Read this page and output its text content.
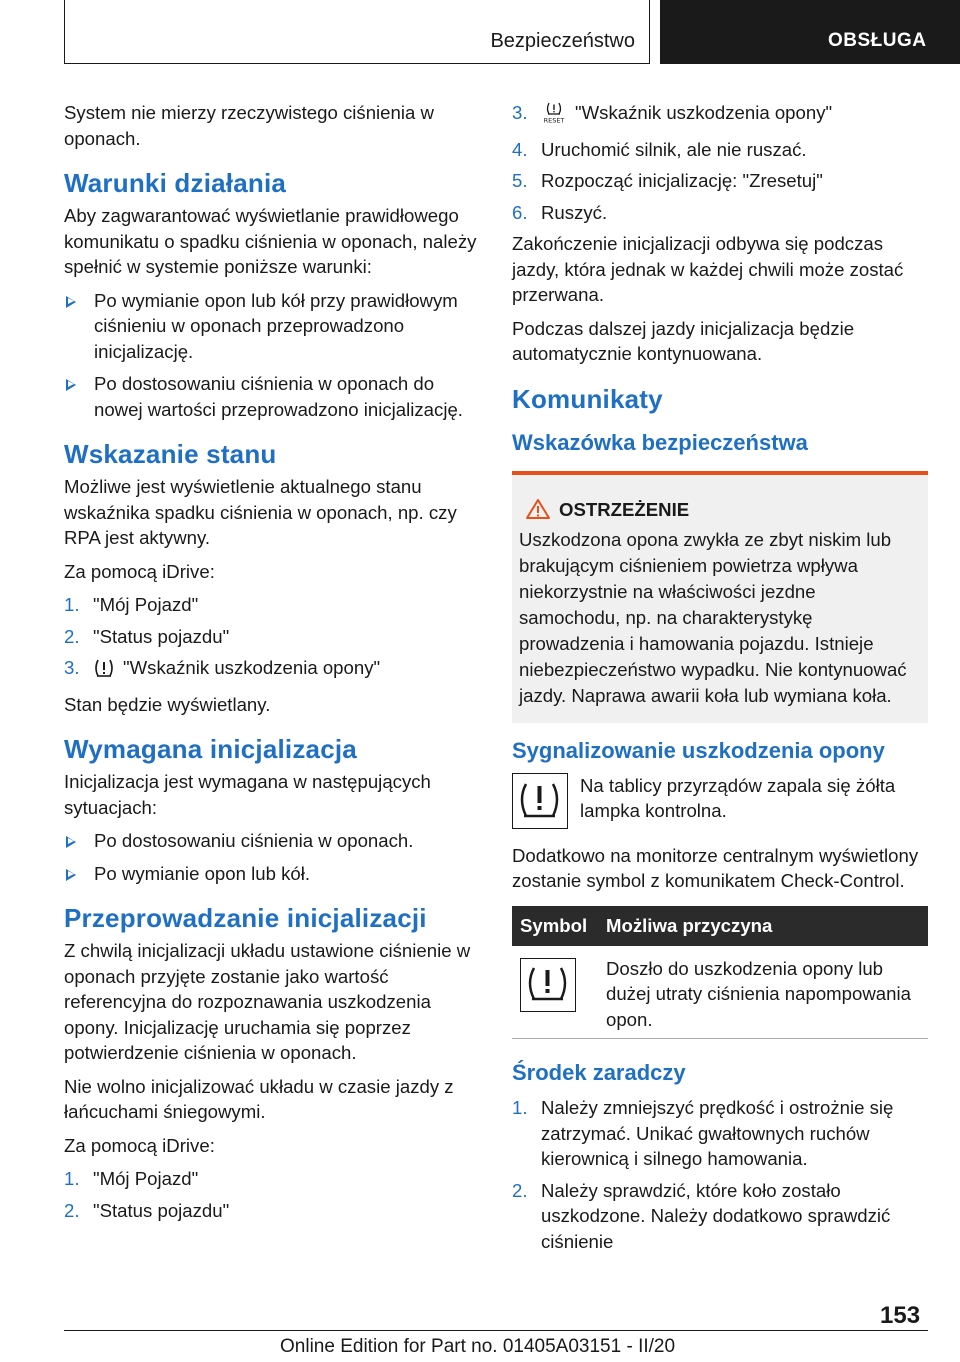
Bezpieczeństwo	OBSŁUGA

System nie mierzy rzeczywistego ciśnienia w oponach.

Warunki działania

Aby zagwarantować wyświetlanie prawidłowego komunikatu o spadku ciśnienia w oponach, należy spełnić w systemie poniższe warunki:

Po wymianie opon lub kół przy prawidłowym ciśnieniu w oponach przeprowadzono inicjalizację.
Po dostosowaniu ciśnienia w oponach do nowej wartości przeprowadzono inicjalizację.
Wskazanie stanu

Możliwe jest wyświetlenie aktualnego stanu wskaźnika spadku ciśnienia w oponach, np. czy RPA jest aktywny.

Za pomocą iDrive:

1. "Mój Pojazd"
2. "Status pojazdu"
3. "Wskaźnik uszkodzenia opony"

Stan będzie wyświetlany.

Wymagana inicjalizacja

Inicjalizacja jest wymagana w następujących sytuacjach:

Po dostosowaniu ciśnienia w oponach.
Po wymianie opon lub kół.
Przeprowadzanie inicjalizacji

Z chwilą inicjalizacji układu ustawione ciśnienie w oponach przyjęte zostanie jako wartość referencyjna do rozpoznawania uszkodzenia opony. Inicjalizację uruchamia się poprzez potwierdzenie ciśnienia w oponach.

Nie wolno inicjalizować układu w czasie jazdy z łańcuchami śniegowymi.

Za pomocą iDrive:

1. "Mój Pojazd"
2. "Status pojazdu"
3. RESET "Wskaźnik uszkodzenia opony"
4. Uruchomić silnik, ale nie ruszać.
5. Rozpocząć inicjalizację: "Zresetuj"
6. Ruszyć.

Zakończenie inicjalizacji odbywa się podczas jazdy, która jednak w każdej chwili może zostać przerwana.

Podczas dalszej jazdy inicjalizacja będzie automatycznie kontynuowana.

Komunikaty
Wskazówka bezpieczeństwa
OSTRZEŻENIE

Uszkodzona opona zwykła ze zbyt niskim lub brakującym ciśnieniem powietrza wpływa niekorzystnie na właściwości jezdne samochodu, np. na charakterystykę prowadzenia i hamowania pojazdu. Istnieje niebezpieczeństwo wypadku. Nie kontynuować jazdy. Naprawa awarii koła lub wymiana koła.

Sygnalizowanie uszkodzenia opony

Na tablicy przyrządów zapala się żółta lampka kontrolna.

Dodatkowo na monitorze centralnym wyświetlony zostanie symbol z komunikatem Check-Control.

Symbol	Możliwa przyczyna

	Doszło do uszkodzenia opony lub dużej utraty ciśnienia napompowania opon.
Środek zaradczy
1. Należy zmniejszyć prędkość i ostrożnie się zatrzymać. Unikać gwałtownych ruchów kierownicą i silnego hamowania.
2. Należy sprawdzić, które koło zostało uszkodzone. Należy dodatkowo sprawdzić ciśnienie
153
Online Edition for Part no. 01405A03151 - II/20
